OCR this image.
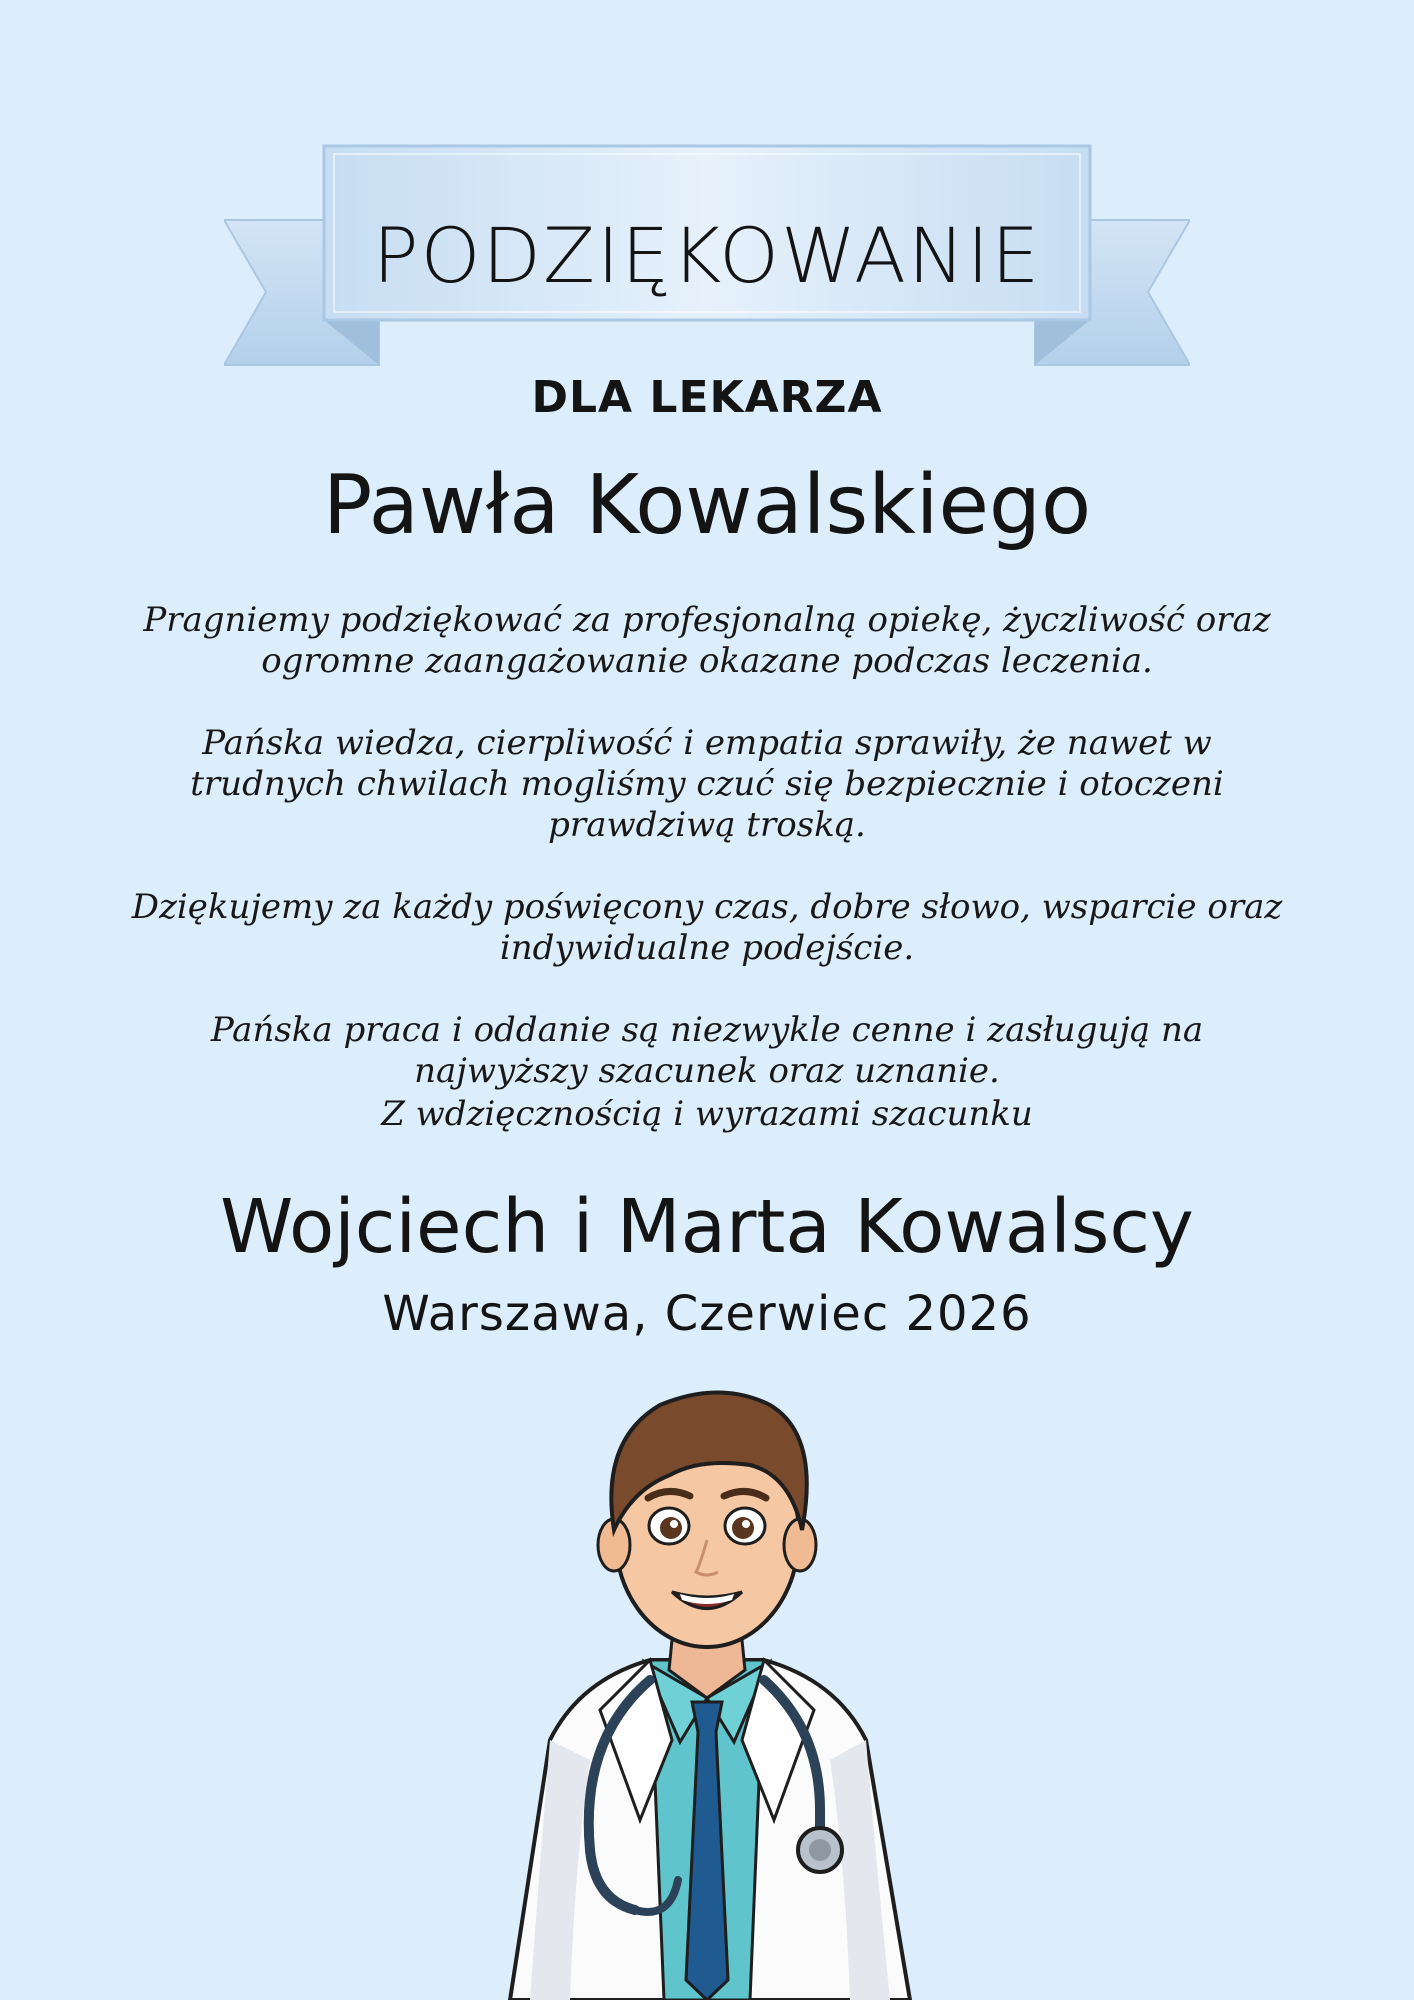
PODZIĘKOWANIE
DLA LEKARZA
Pawła Kowalskiego

Pragniemy podziękować za profesjonalną opiekę, życzliwość oraz ogromne zaangażowanie okazane podczas leczenia.

Pańska wiedza, cierpliwość i empatia sprawiły, że nawet w trudnych chwilach mogliśmy czuć się bezpiecznie i otoczeni prawdziwą troską.

Dziękujemy za każdy poświęcony czas, dobre słowo, wsparcie oraz indywidualne podejście.

Pańska praca i oddanie są niezwykle cenne i zasługują na najwyższy szacunek oraz uznanie.

Z wdzięcznością i wyrazami szacunku
Wojciech i Marta Kowalscy
Warszawa, Czerwiec 2026
